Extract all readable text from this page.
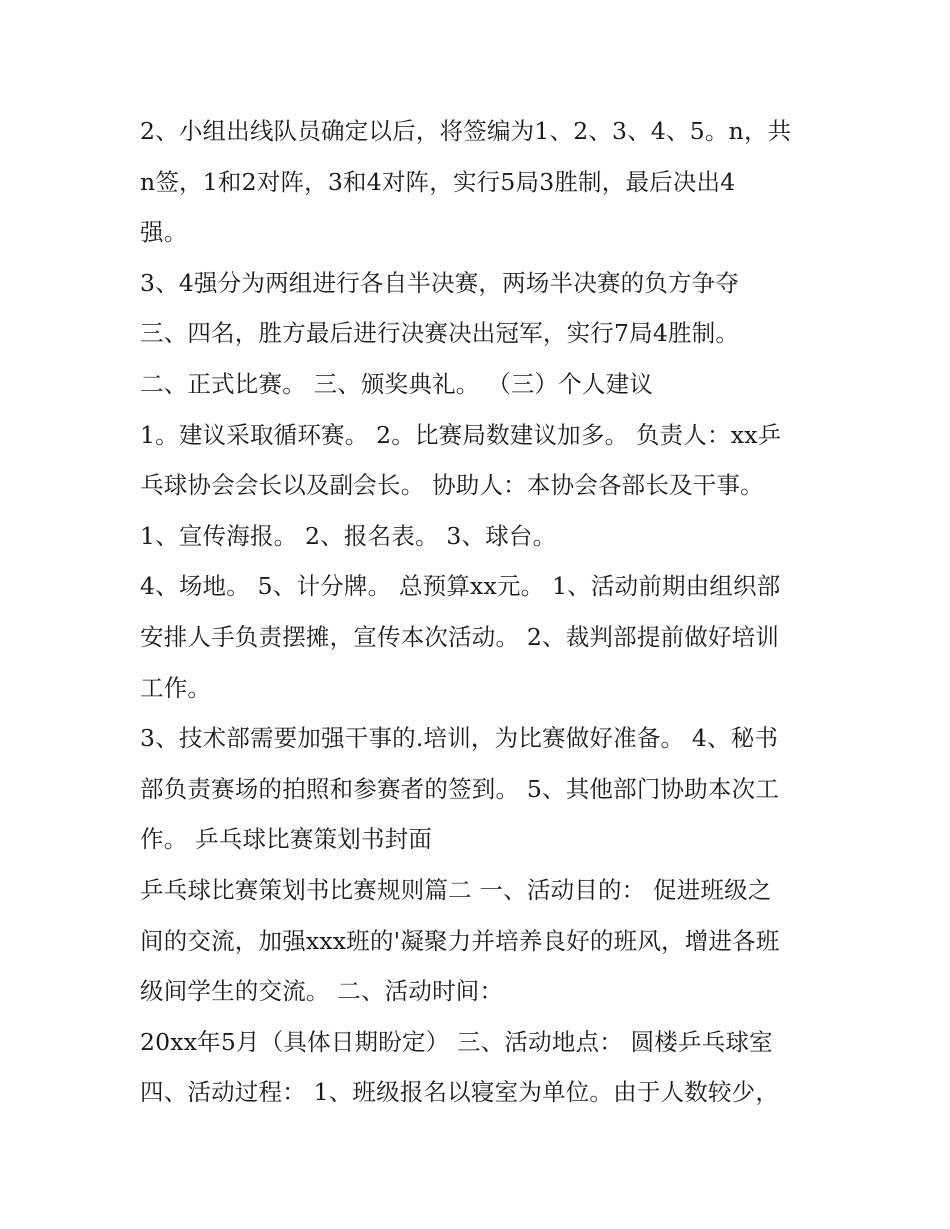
2、小组出线队员确定以后，将签编为1、2、3、4、5。n，共
n签，1和2对阵，3和4对阵，实行5局3胜制，最后决出4
强。
3、4强分为两组进行各自半决赛，两场半决赛的负方争夺
三、四名，胜方最后进行决赛决出冠军，实行7局4胜制。
二、正式比赛。 三、颁奖典礼。 （三）个人建议
1。建议采取循环赛。 2。比赛局数建议加多。 负责人：xx乒
乓球协会会长以及副会长。 协助人：本协会各部长及干事。
1、宣传海报。 2、报名表。 3、球台。
4、场地。 5、计分牌。 总预算xx元。 1、活动前期由组织部
安排人手负责摆摊，宣传本次活动。 2、裁判部提前做好培训
工作。
3、技术部需要加强干事的.培训，为比赛做好准备。 4、秘书
部负责赛场的拍照和参赛者的签到。 5、其他部门协助本次工
作。 乒乓球比赛策划书封面
乒乓球比赛策划书比赛规则篇二 一、活动目的： 促进班级之
间的交流，加强xxx班的'凝聚力并培养良好的班风，增进各班
级间学生的交流。 二、活动时间：
20xx年5月（具体日期盼定） 三、活动地点： 圆楼乒乓球室
四、活动过程： 1、班级报名以寝室为单位。由于人数较少，
